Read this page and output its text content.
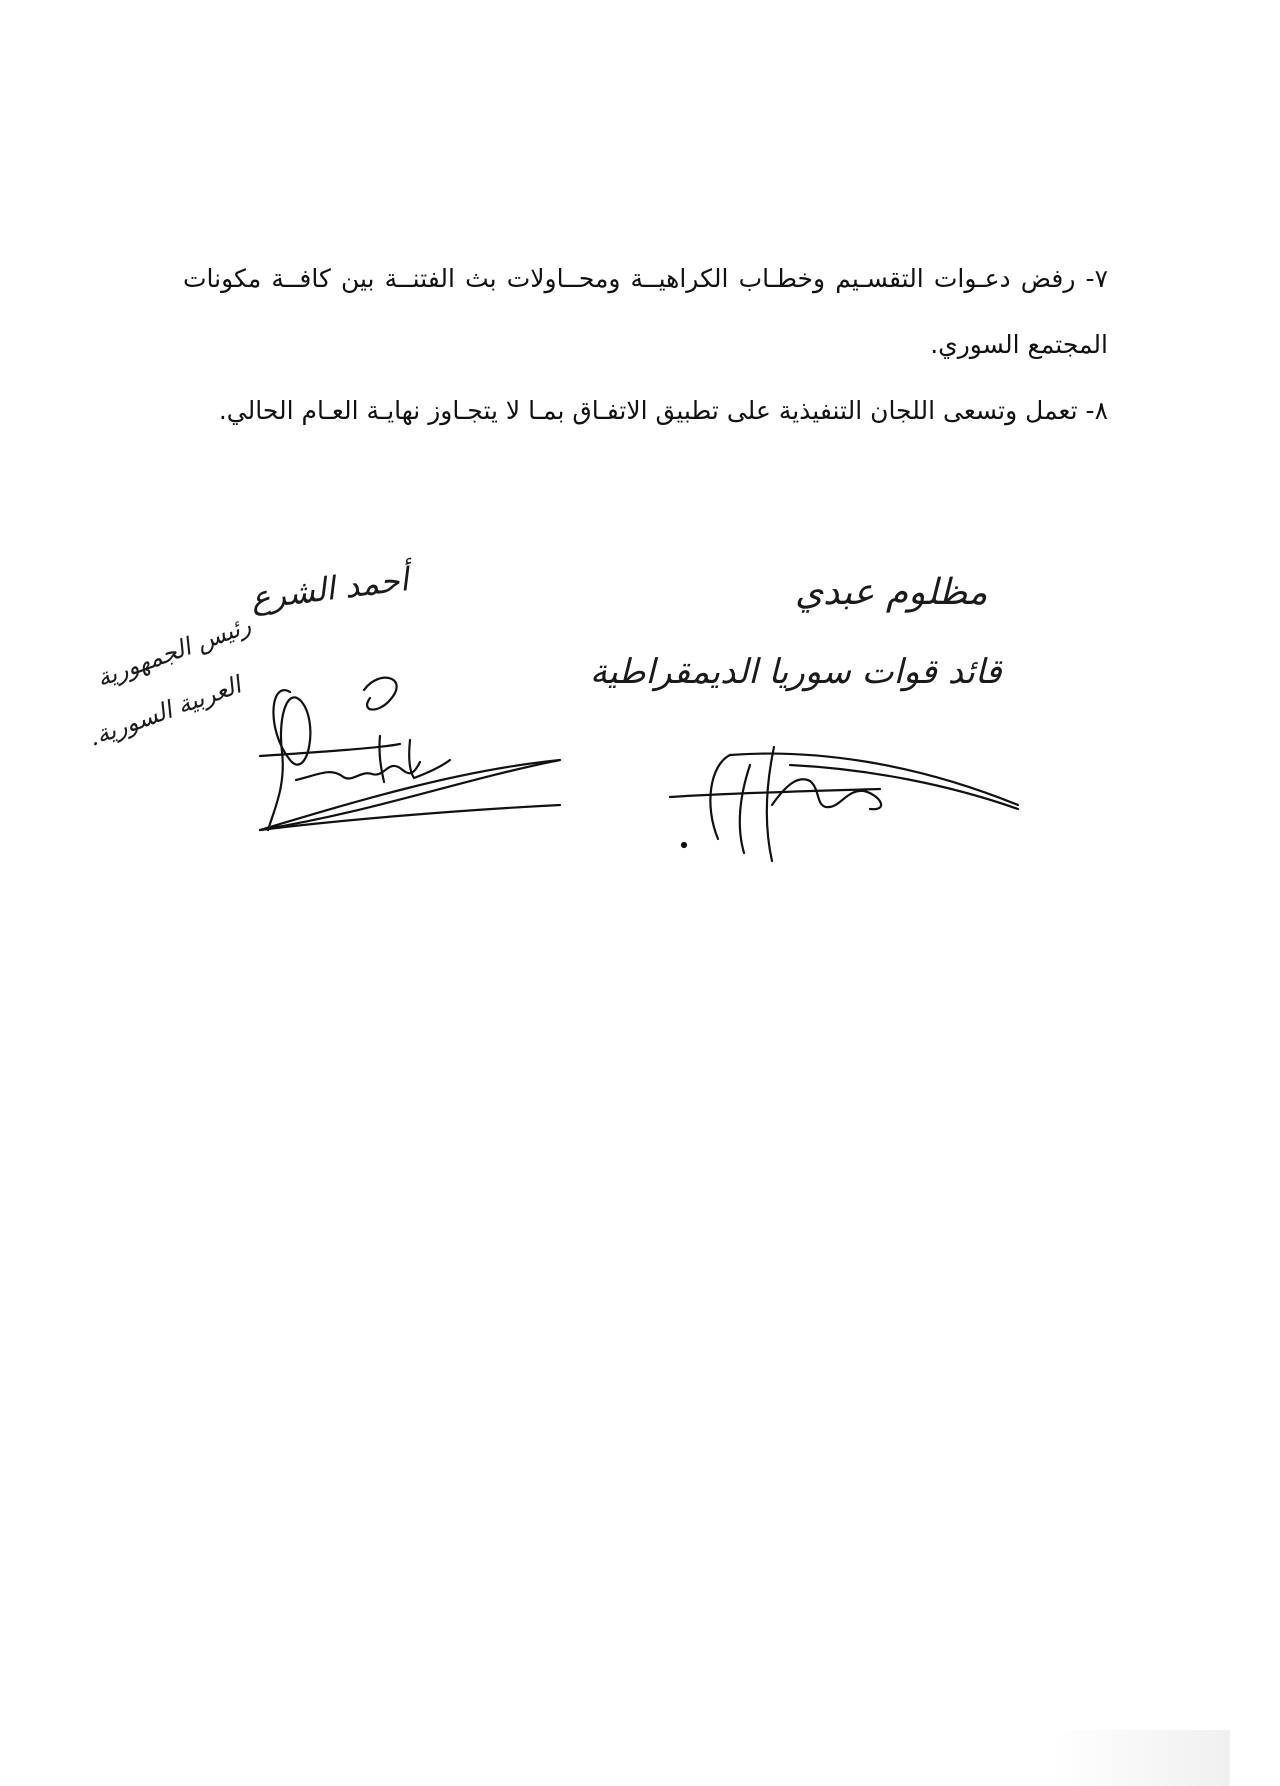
٧- رفض دعـوات التقسـيم وخطـاب الكراهيــة ومحــاولات بث الفتنــة بين كافــة مكونات المجتمع السوري.

٨- تعمل وتسعى اللجان التنفيذية على تطبيق الاتفـاق بمـا لا يتجـاوز نهايـة العـام الحالي.

مظلوم عبدي
قائد قوات سوريا الديمقراطية
أحمد الشرع
رئيس الجمهورية
العربية السورية.
